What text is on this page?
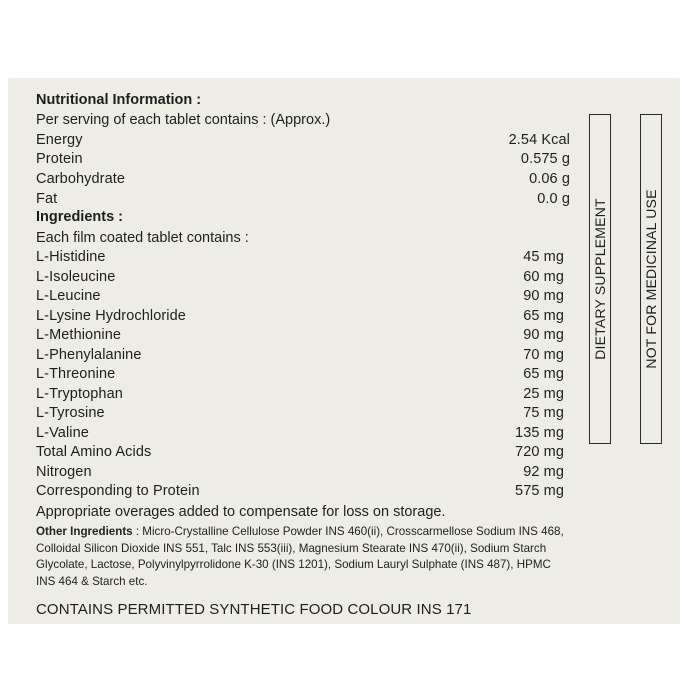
Nutritional Information :
Per serving of each tablet contains : (Approx.)
Energy	2.54 Kcal
Protein	0.575 g
Carbohydrate	0.06 g
Fat	0.0 g
Ingredients :
Each film coated tablet contains :
L-Histidine	45 mg
L-Isoleucine	60 mg
L-Leucine	90 mg
L-Lysine Hydrochloride	65 mg
L-Methionine	90 mg
L-Phenylalanine	70 mg
L-Threonine	65 mg
L-Tryptophan	25 mg
L-Tyrosine	75 mg
L-Valine	135 mg
Total Amino Acids	720 mg
Nitrogen	92 mg
Corresponding to Protein	575 mg
Appropriate overages added to compensate for loss on storage.
Other Ingredients : Micro-Crystalline Cellulose Powder INS 460(ii), Crosscarmellose Sodium INS 468, Colloidal Silicon Dioxide INS 551, Talc INS 553(iii), Magnesium Stearate INS 470(ii), Sodium Starch Glycolate, Lactose, Polyvinylpyrrolidone K-30 (INS 1201), Sodium Lauryl Sulphate (INS 487), HPMC INS 464 & Starch etc.
CONTAINS PERMITTED SYNTHETIC FOOD COLOUR INS 171
DIETARY SUPPLEMENT	NOT FOR MEDICINAL USE
